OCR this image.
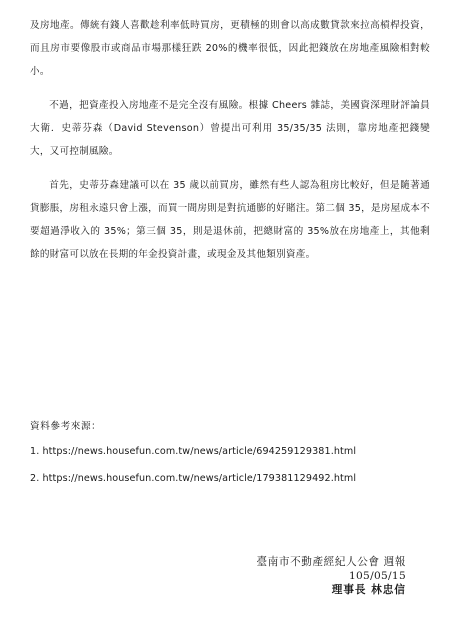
及房地產。傳統有錢人喜歡趁利率低時買房，更積極的則會以高成數貸款來拉高槓桿投資，而且房市要像股市或商品市場那樣狂跌 20%的機率很低，因此把錢放在房地產風險相對較小。

不過，把資產投入房地產不是完全沒有風險。根據 Cheers 雜誌，美國資深理財評論員大衛．史蒂芬森（David Stevenson）曾提出可利用 35/35/35 法則，靠房地產把錢變大，又可控制風險。

首先，史蒂芬森建議可以在 35 歲以前買房，雖然有些人認為租房比較好，但是隨著通貨膨脹，房租永遠只會上漲，而買一間房則是對抗通膨的好賭注。第二個 35，是房屋成本不要超過淨收入的 35%；第三個 35，則是退休前，把總財富的 35%放在房地產上，其他剩餘的財富可以放在長期的年金投資計畫，或現金及其他類別資產。

資料參考來源：
1. https://news.housefun.com.tw/news/article/694259129381.html
2. https://news.housefun.com.tw/news/article/179381129492.html
臺南市不動產經紀人公會 週報
105/05/15
理事長 林忠信
